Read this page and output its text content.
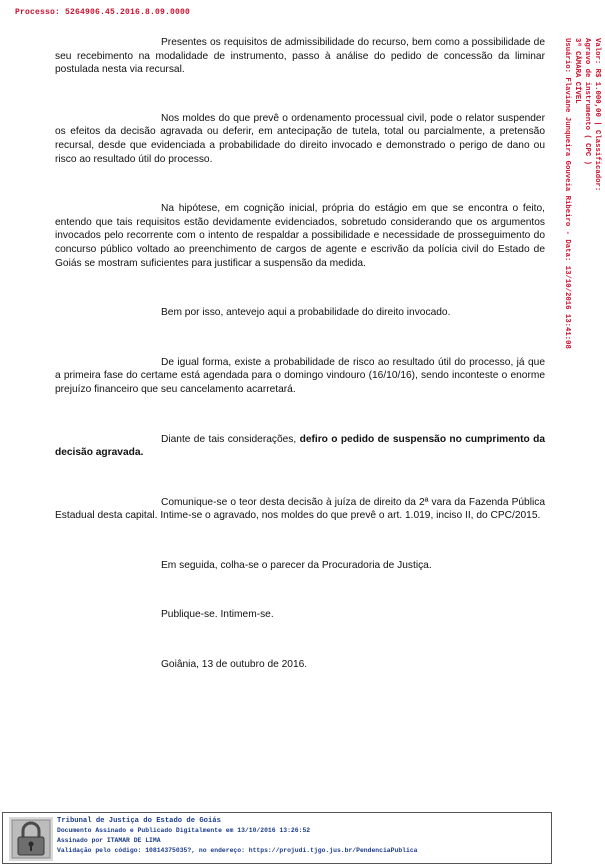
Processo: 5264906.45.2016.8.09.0000
Valor: R$ 1.000,00 | Classificador:
Agravo de instrumento ( CPC )
3ª CÂMARA CÍVEL
Usuário: Flaviane Junqueira Gouveia Ribeiro - Data: 13/10/2016 13:41:08

Presentes os requisitos de admissibilidade do recurso, bem como a possibilidade de seu recebimento na modalidade de instrumento, passo à análise do pedido de concessão da liminar postulada nesta via recursal.

Nos moldes do que prevê o ordenamento processual civil, pode o relator suspender os efeitos da decisão agravada ou deferir, em antecipação de tutela, total ou parcialmente, a pretensão recursal, desde que evidenciada a probabilidade do direito invocado e demonstrado o perigo de dano ou risco ao resultado útil do processo.

Na hipótese, em cognição inicial, própria do estágio em que se encontra o feito, entendo que tais requisitos estão devidamente evidenciados, sobretudo considerando que os argumentos invocados pelo recorrente com o intento de respaldar a possibilidade e necessidade de prosseguimento do concurso público voltado ao preenchimento de cargos de agente e escrivão da polícia civil do Estado de Goiás se mostram suficientes para justificar a suspensão da medida.

Bem por isso, antevejo aqui a probabilidade do direito invocado.

De igual forma, existe a probabilidade de risco ao resultado útil do processo, já que a primeira fase do certame está agendada para o domingo vindouro (16/10/16), sendo inconteste o enorme prejuízo financeiro que seu cancelamento acarretará.

Diante de tais considerações, defiro o pedido de suspensão no cumprimento da decisão agravada.

Comunique-se o teor desta decisão à juíza de direito da 2ª vara da Fazenda Pública Estadual desta capital. Intime-se o agravado, nos moldes do que prevê o art. 1.019, inciso II, do CPC/2015.

Em seguida, colha-se o parecer da Procuradoria de Justiça.

Publique-se. Intimem-se.

Goiânia, 13 de outubro de 2016.

Tribunal de Justiça do Estado de Goiás
Documento Assinado e Publicado Digitalmente em 13/10/2016 13:26:52
Assinado por ITAMAR DE LIMA
Validação pelo código: 10814375035?, no endereço: https://projudi.tjgo.jus.br/PendenciaPublica
